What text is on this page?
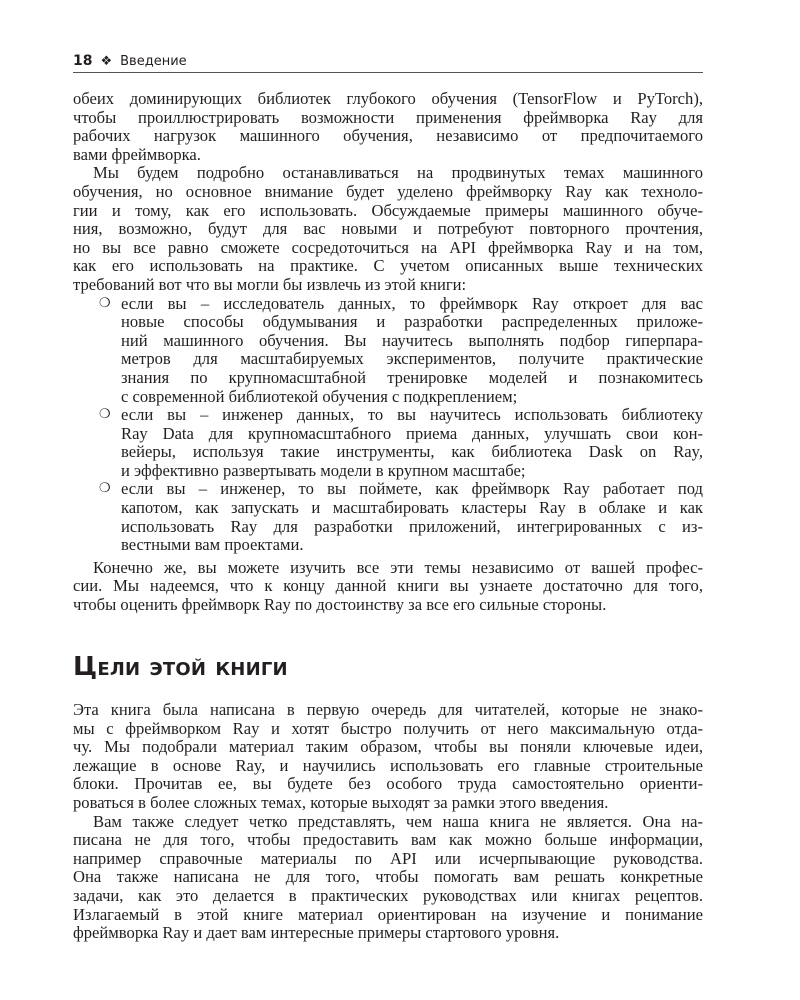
18 ❖ Введение
обеих доминирующих библиотек глубокого обучения (TensorFlow и PyTorch),
чтобы проиллюстрировать возможности применения фреймворка Ray для
рабочих нагрузок машинного обучения, независимо от предпочитаемого
вами фреймворка.
Мы будем подробно останавливаться на продвинутых темах машинного
обучения, но основное внимание будет уделено фреймворку Ray как техноло-
гии и тому, как его использовать. Обсуждаемые примеры машинного обуче-
ния, возможно, будут для вас новыми и потребуют повторного прочтения,
но вы все равно сможете сосредоточиться на API фреймворка Ray и на том,
как его использовать на практике. С учетом описанных выше технических
требований вот что вы могли бы извлечь из этой книги:
❍ если вы – исследователь данных, то фреймворк Ray откроет для вас
новые способы обдумывания и разработки распределенных приложе-
ний машинного обучения. Вы научитесь выполнять подбор гиперпара-
метров для масштабируемых экспериментов, получите практические
знания по крупномасштабной тренировке моделей и познакомитесь
с современной библиотекой обучения с подкреплением;
❍ если вы – инженер данных, то вы научитесь использовать библиотеку
Ray Data для крупномасштабного приема данных, улучшать свои кон-
вейеры, используя такие инструменты, как библиотека Dask on Ray,
и эффективно развертывать модели в крупном масштабе;
❍ если вы – инженер, то вы поймете, как фреймворк Ray работает под
капотом, как запускать и масштабировать кластеры Ray в облаке и как
использовать Ray для разработки приложений, интегрированных с из-
вестными вам проектами.
Конечно же, вы можете изучить все эти темы независимо от вашей профес-
сии. Мы надеемся, что к концу данной книги вы узнаете достаточно для того,
чтобы оценить фреймворк Ray по достоинству за все его сильные стороны.
Цели этой книги
Эта книга была написана в первую очередь для читателей, которые не знако-
мы с фреймворком Ray и хотят быстро получить от него максимальную отда-
чу. Мы подобрали материал таким образом, чтобы вы поняли ключевые идеи,
лежащие в основе Ray, и научились использовать его главные строительные
блоки. Прочитав ее, вы будете без особого труда самостоятельно ориенти-
роваться в более сложных темах, которые выходят за рамки этого введения.
Вам также следует четко представлять, чем наша книга не является. Она на-
писана не для того, чтобы предоставить вам как можно больше информации,
например справочные материалы по API или исчерпывающие руководства.
Она также написана не для того, чтобы помогать вам решать конкретные
задачи, как это делается в практических руководствах или книгах рецептов.
Излагаемый в этой книге материал ориентирован на изучение и понимание
фреймворка Ray и дает вам интересные примеры стартового уровня.
